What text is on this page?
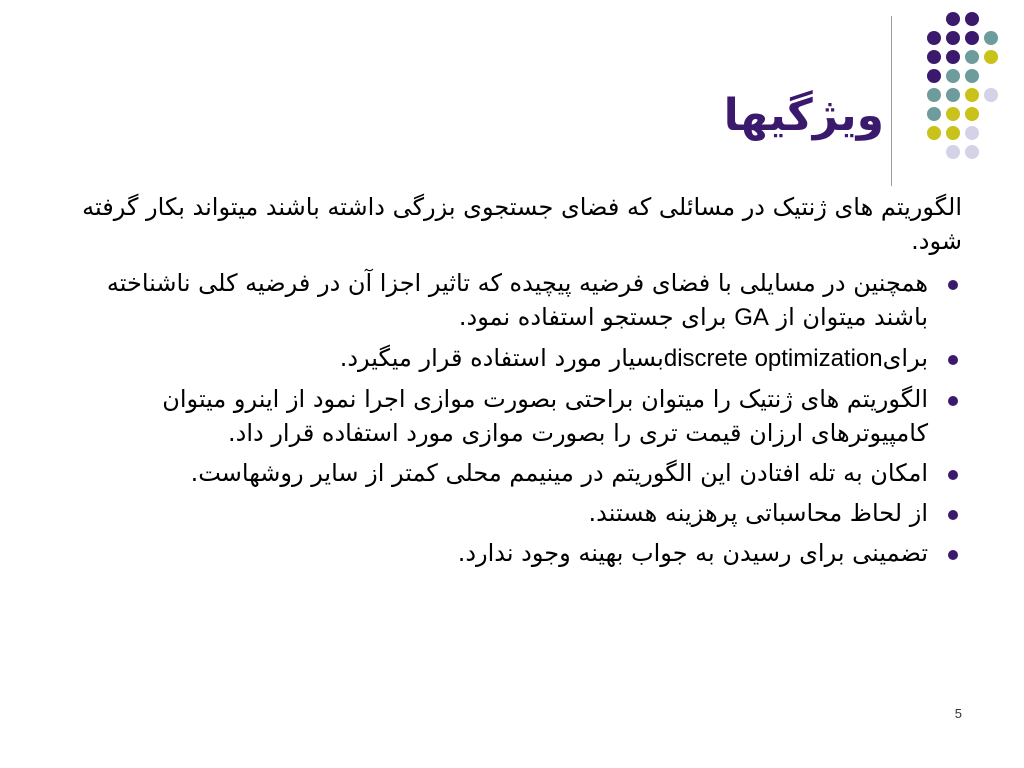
ویژگیها

الگوریتم های ژنتیک در مسائلی که فضای جستجوی بزرگی داشته باشند میتواند بکار گرفته شود.

همچنین در مسایلی با فضای فرضیه پیچیده که تاثیر اجزا آن در فرضیه کلی ناشناخته باشند میتوان از GA برای جستجو استفاده نمود.
برایdiscrete optimizationبسیار مورد استفاده قرار میگیرد.
الگوریتم های ژنتیک را میتوان براحتی بصورت موازی اجرا نمود از اینرو میتوان کامپیوترهای ارزان قیمت تری را بصورت موازی مورد استفاده قرار داد.
امکان به تله افتادن این الگوریتم در مینیمم محلی کمتر از سایر روشهاست.
از لحاظ محاسباتی پرهزینه هستند.
تضمینی برای رسیدن به جواب بهینه وجود ندارد.
5
